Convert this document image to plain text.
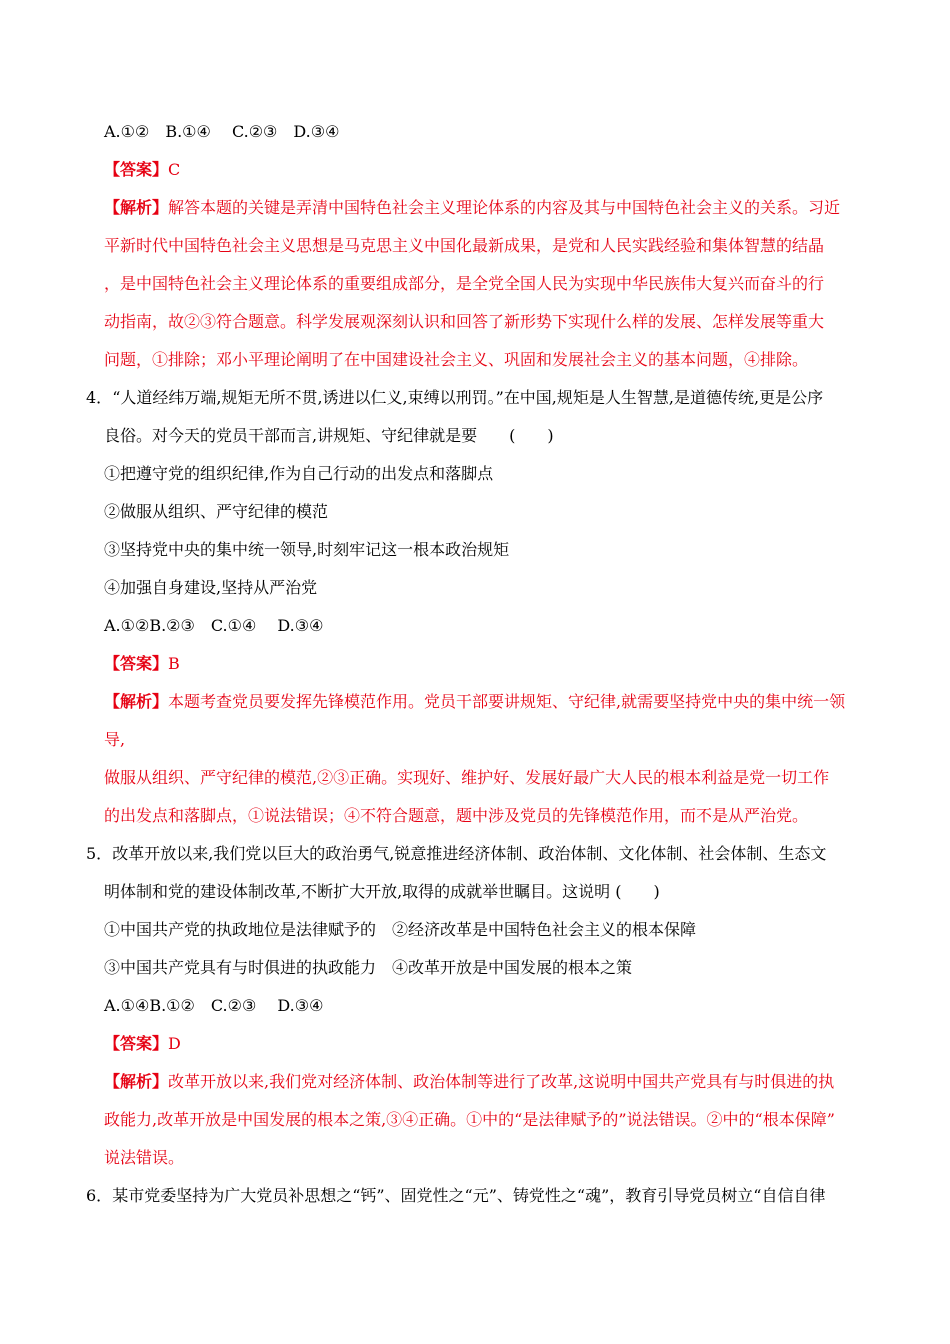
A.①②　B.①④　 C.②③　D.③④
【答案】C
【解析】解答本题的关键是弄清中国特色社会主义理论体系的内容及其与中国特色社会主义的关系。习近
平新时代中国特色社会主义思想是马克思主义中国化最新成果，是党和人民实践经验和集体智慧的结晶
，是中国特色社会主义理论体系的重要组成部分，是全党全国人民为实现中华民族伟大复兴而奋斗的行
动指南，故②③符合题意。科学发展观深刻认识和回答了新形势下实现什么样的发展、怎样发展等重大
问题，①排除；邓小平理论阐明了在中国建设社会主义、巩固和发展社会主义的基本问题，④排除。
4．“人道经纬万端,规矩无所不贯,诱进以仁义,束缚以刑罚。”在中国,规矩是人生智慧,是道德传统,更是公序
良俗。对今天的党员干部而言,讲规矩、守纪律就是要　　(　　)
①把遵守党的组织纪律,作为自己行动的出发点和落脚点
②做服从组织、严守纪律的模范
③坚持党中央的集中统一领导,时刻牢记这一根本政治规矩
④加强自身建设,坚持从严治党
A.①②B.②③　C.①④　 D.③④
【答案】B
【解析】本题考查党员要发挥先锋模范作用。党员干部要讲规矩、守纪律,就需要坚持党中央的集中统一领
导,
做服从组织、严守纪律的模范,②③正确。实现好、维护好、发展好最广大人民的根本利益是党一切工作
的出发点和落脚点，①说法错误；④不符合题意，题中涉及党员的先锋模范作用，而不是从严治党。
5．改革开放以来,我们党以巨大的政治勇气,锐意推进经济体制、政治体制、文化体制、社会体制、生态文
明体制和党的建设体制改革,不断扩大开放,取得的成就举世瞩目。这说明 (　　)
①中国共产党的执政地位是法律赋予的　②经济改革是中国特色社会主义的根本保障
③中国共产党具有与时俱进的执政能力　④改革开放是中国发展的根本之策
A.①④B.①②　C.②③　 D.③④
【答案】D
【解析】改革开放以来,我们党对经济体制、政治体制等进行了改革,这说明中国共产党具有与时俱进的执
政能力,改革开放是中国发展的根本之策,③④正确。①中的“是法律赋予的”说法错误。②中的“根本保障”
说法错误。
6．某市党委坚持为广大党员补思想之“钙”、固党性之“元”、铸党性之“魂”，教育引导党员树立“自信自律
